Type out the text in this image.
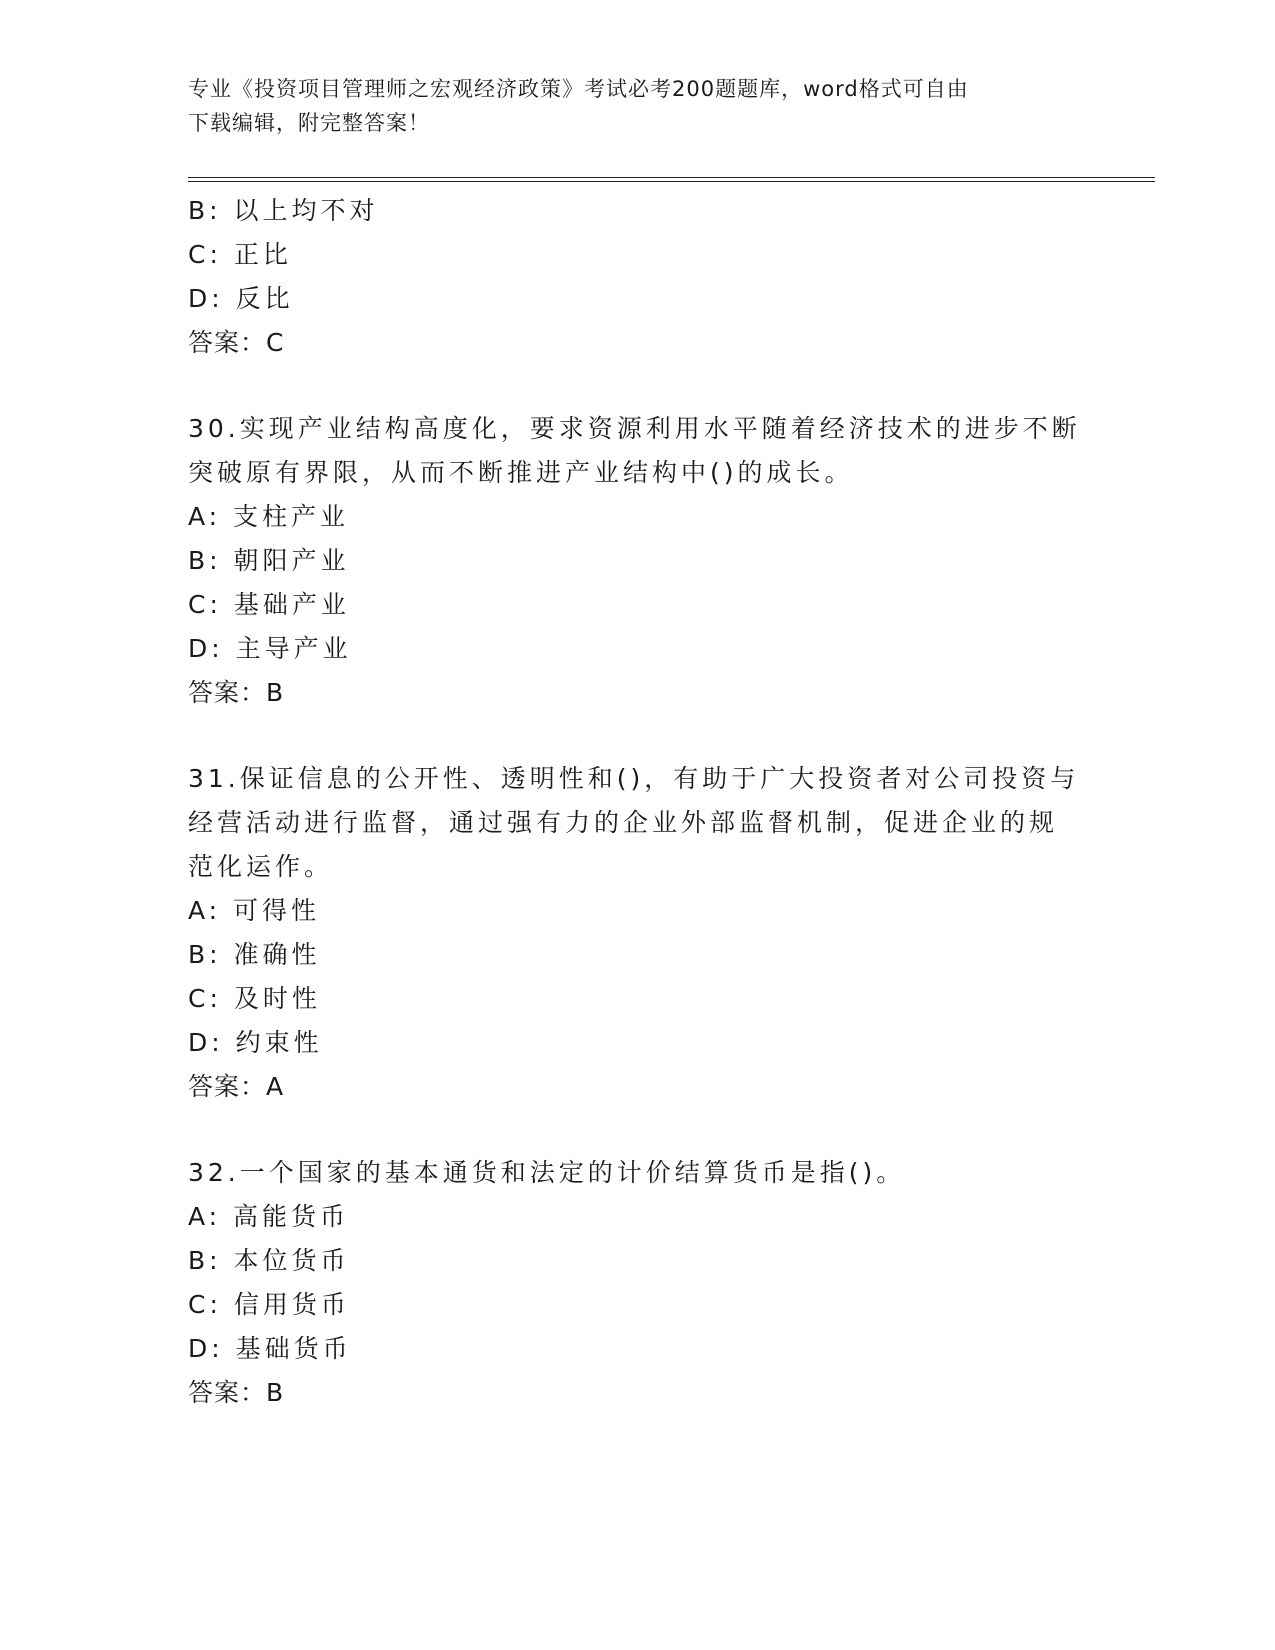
专业《投资项目管理师之宏观经济政策》考试必考200题题库，word格式可自由
下载编辑，附完整答案！
B: 以上均不对
C: 正比
D: 反比
答案：C
30.实现产业结构高度化，要求资源利用水平随着经济技术的进步不断
突破原有界限，从而不断推进产业结构中()的成长。
A: 支柱产业
B: 朝阳产业
C: 基础产业
D: 主导产业
答案：B
31.保证信息的公开性、透明性和()，有助于广大投资者对公司投资与
经营活动进行监督，通过强有力的企业外部监督机制，促进企业的规
范化运作。
A: 可得性
B: 准确性
C: 及时性
D: 约束性
答案：A
32.一个国家的基本通货和法定的计价结算货币是指()。
A: 高能货币
B: 本位货币
C: 信用货币
D: 基础货币
答案：B
